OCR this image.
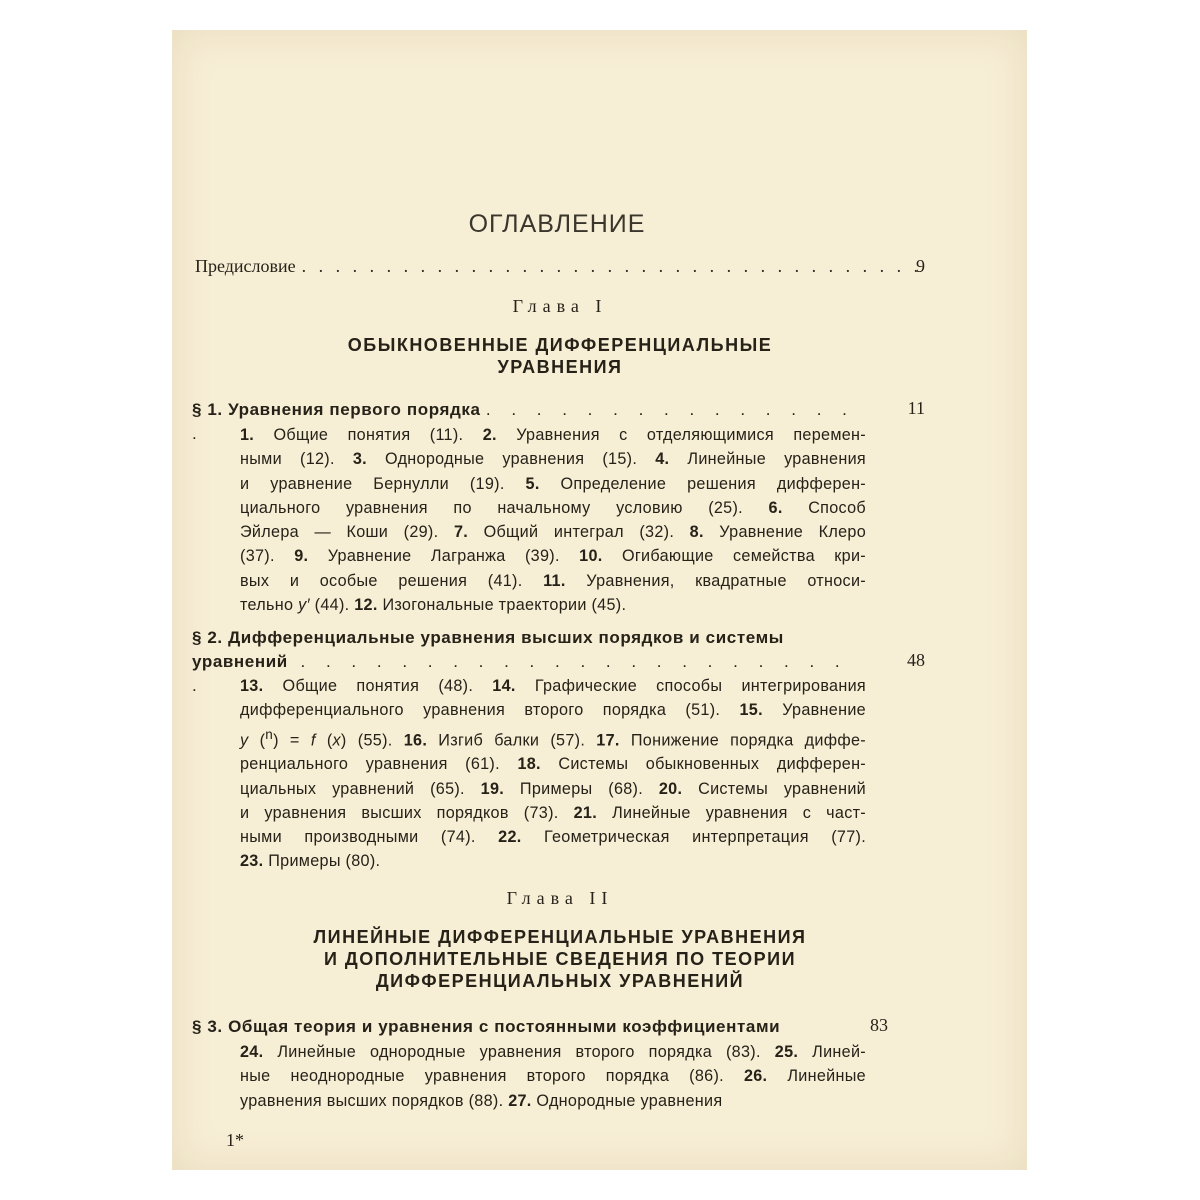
ОГЛАВЛЕНИЕ
Предисловие
. . .	9
Глава I
ОБЫКНОВЕННЫЕ ДИФФЕРЕНЦИАЛЬНЫЕ
УРАВНЕНИЯ
§ 1. Уравнения первого порядка . . . . . . . . . . . . . . . .
11
1. Общие понятия (11). 2. Уравнения с отделяющимися перемен-
ными (12). 3. Однородные уравнения (15). 4. Линейные уравнения
и уравнение Бернулли (19). 5. Определение решения дифферен-
циального уравнения по начальному условию (25). 6. Способ
Эйлера — Коши (29). 7. Общий интеграл (32). 8. Уравнение Клеро
(37). 9. Уравнение Лагранжа (39). 10. Огибающие семейства кри-
вых и особые решения (41). 11. Уравнения, квадратные относи-
тельно y′ (44). 12. Изогональные траектории (45).
§ 2. Дифференциальные уравнения высших порядков и системы
уравнений . . . . . . . . . . . . . . . . . . . . . . .
48
13. Общие понятия (48). 14. Графические способы интегрирования
дифференциального уравнения второго порядка (51). 15. Уравнение
y ($^n$) = f (x) (55). 16. Изгиб балки (57). 17. Понижение порядка диффе-
ренциального уравнения (61). 18. Системы обыкновенных дифферен-
циальных уравнений (65). 19. Примеры (68). 20. Системы уравнений
и уравнения высших порядков (73). 21. Линейные уравнения с част-
ными производными (74). 22. Геометрическая интерпретация (77).
23. Примеры (80).
Глава II
ЛИНЕЙНЫЕ ДИФФЕРЕНЦИАЛЬНЫЕ УРАВНЕНИЯ
И ДОПОЛНИТЕЛЬНЫЕ СВЕДЕНИЯ ПО ТЕОРИИ
ДИФФЕРЕНЦИАЛЬНЫХ УРАВНЕНИЙ
§ 3. Общая теория и уравнения с постоянными коэффициентами	83
24. Линейные однородные уравнения второго порядка (83). 25. Линей-
ные неоднородные уравнения второго порядка (86). 26. Линейные
уравнения высших порядков (88). 27. Однородные уравнения
1*
